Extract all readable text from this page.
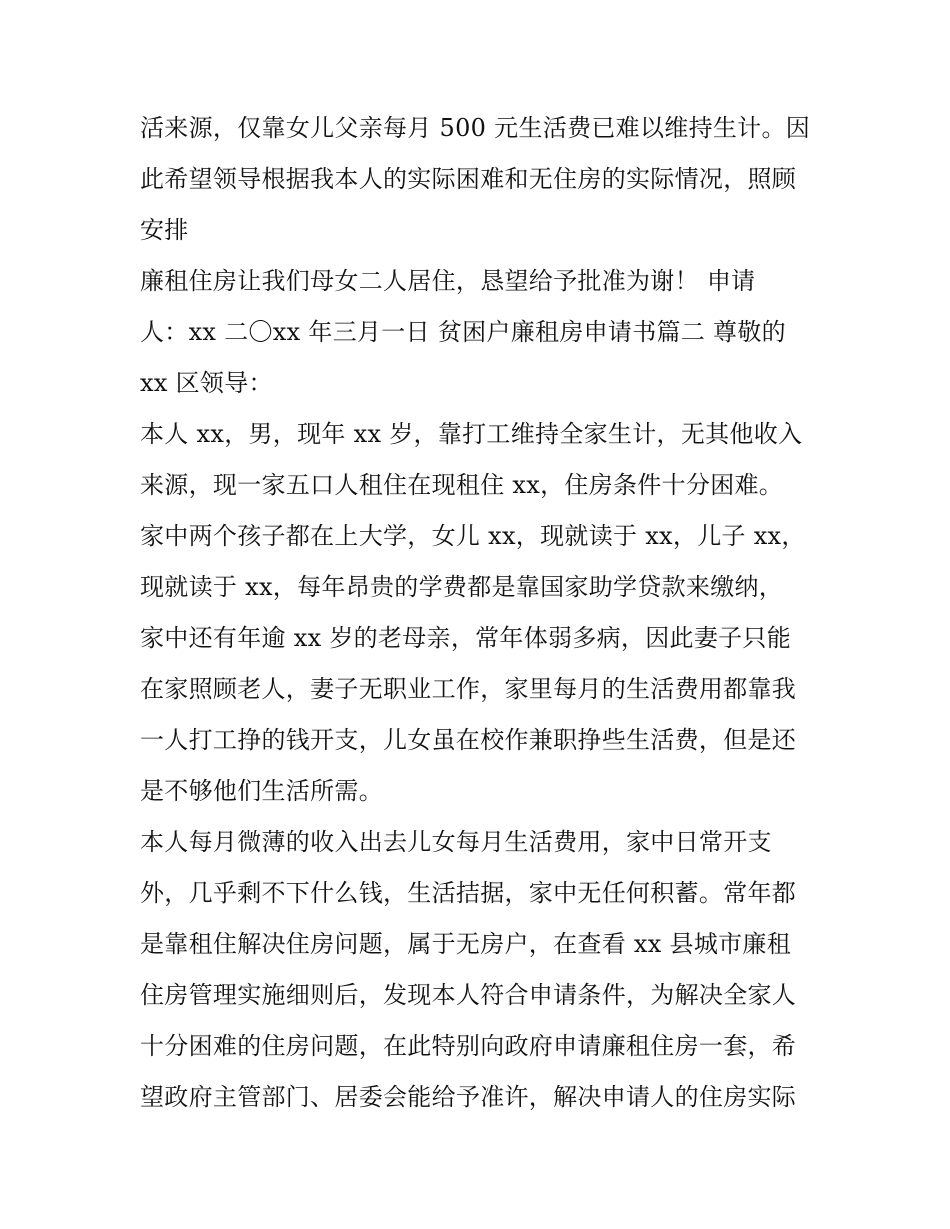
活来源，仅靠女儿父亲每月 500 元生活费已难以维持生计。因
此希望领导根据我本人的实际困难和无住房的实际情况，照顾
安排
廉租住房让我们母女二人居住，恳望给予批准为谢！ 申请
人：xx 二〇xx 年三月一日 贫困户廉租房申请书篇二 尊敬的
xx 区领导：
本人 xx，男，现年 xx 岁，靠打工维持全家生计，无其他收入
来源，现一家五口人租住在现租住 xx，住房条件十分困难。
家中两个孩子都在上大学，女儿 xx，现就读于 xx，儿子 xx，
现就读于 xx，每年昂贵的学费都是靠国家助学贷款来缴纳，
家中还有年逾 xx 岁的老母亲，常年体弱多病，因此妻子只能
在家照顾老人，妻子无职业工作，家里每月的生活费用都靠我
一人打工挣的钱开支，儿女虽在校作兼职挣些生活费，但是还
是不够他们生活所需。
本人每月微薄的收入出去儿女每月生活费用，家中日常开支
外，几乎剩不下什么钱，生活拮据，家中无任何积蓄。常年都
是靠租住解决住房问题，属于无房户，在查看 xx 县城市廉租
住房管理实施细则后，发现本人符合申请条件，为解决全家人
十分困难的住房问题，在此特别向政府申请廉租住房一套，希
望政府主管部门、居委会能给予准许，解决申请人的住房实际
